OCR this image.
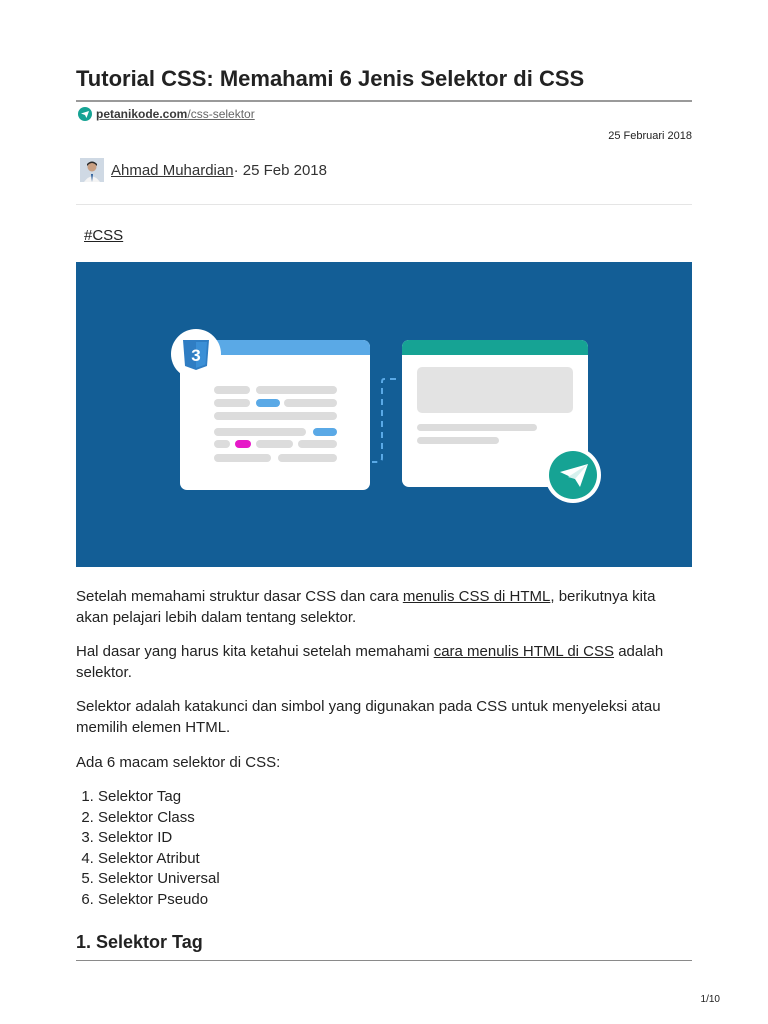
Tutorial CSS: Memahami 6 Jenis Selektor di CSS
petanikode.com/css-selektor
25 Februari 2018
Ahmad Muhardian · 25 Feb 2018
#CSS
3

Setelah memahami struktur dasar CSS dan cara menulis CSS di HTML, berikutnya kita akan pelajari lebih dalam tentang selektor.

Hal dasar yang harus kita ketahui setelah memahami cara menulis HTML di CSS adalah selektor.

Selektor adalah katakunci dan simbol yang digunakan pada CSS untuk menyeleksi atau memilih elemen HTML.

Ada 6 macam selektor di CSS:

1. Selektor Tag
2. Selektor Class
3. Selektor ID
4. Selektor Atribut
5. Selektor Universal
6. Selektor Pseudo
1. Selektor Tag
1/10
